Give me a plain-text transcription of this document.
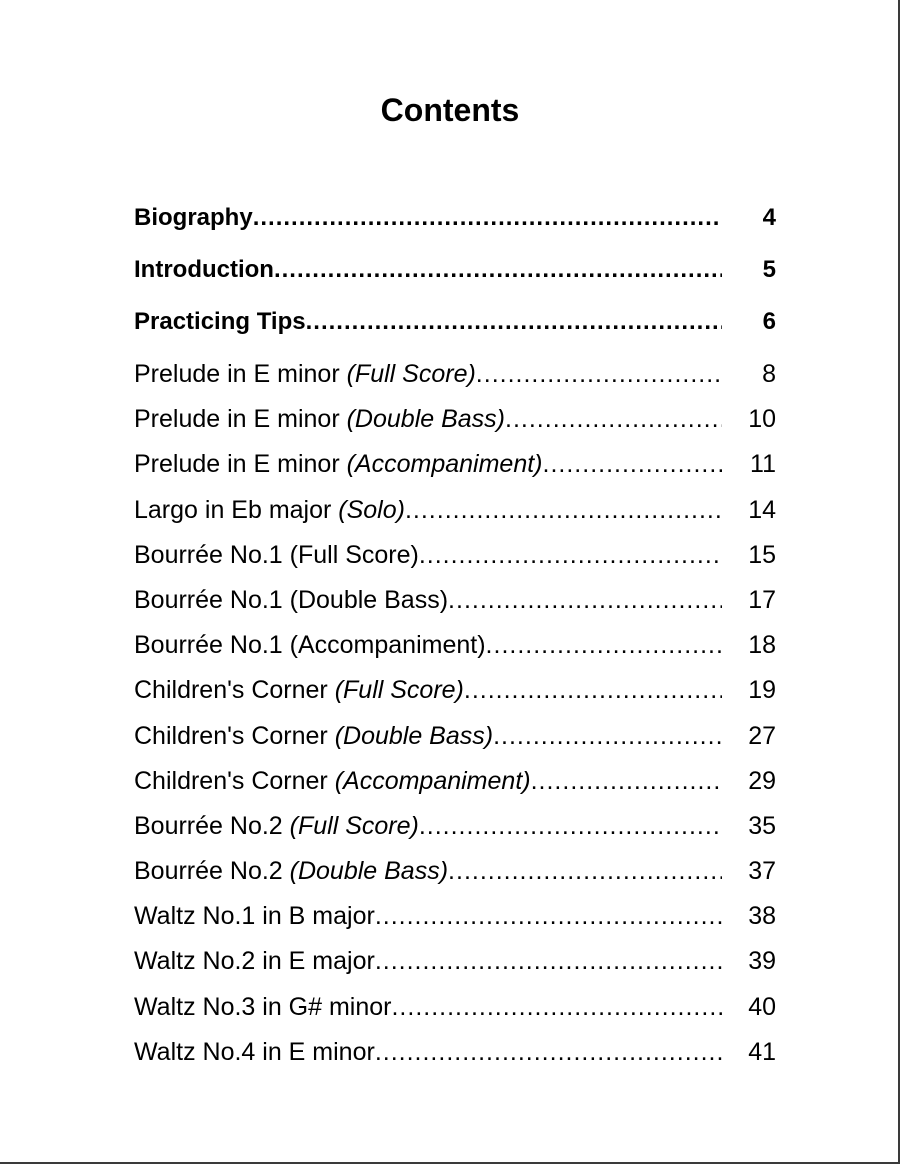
Contents
Biography .....	4
Introduction .....	5
Practicing Tips .....	6
Prelude in E minor (Full Score) .....	8
Prelude in E minor (Double Bass) .....	10
Prelude in E minor (Accompaniment) .....	11
Largo in Eb major (Solo) .....	14
Bourrée No.1 (Full Score) .....	15
Bourrée No.1 (Double Bass) .....	17
Bourrée No.1 (Accompaniment) .....	18
Children's Corner (Full Score) .....	19
Children's Corner (Double Bass) .....	27
Children's Corner (Accompaniment) .....	29
Bourrée No.2 (Full Score) .....	35
Bourrée No.2 (Double Bass) .....	37
Waltz No.1 in B major .....	38
Waltz No.2 in E major .....	39
Waltz No.3 in G# minor .....	40
Waltz No.4 in E minor .....	41
